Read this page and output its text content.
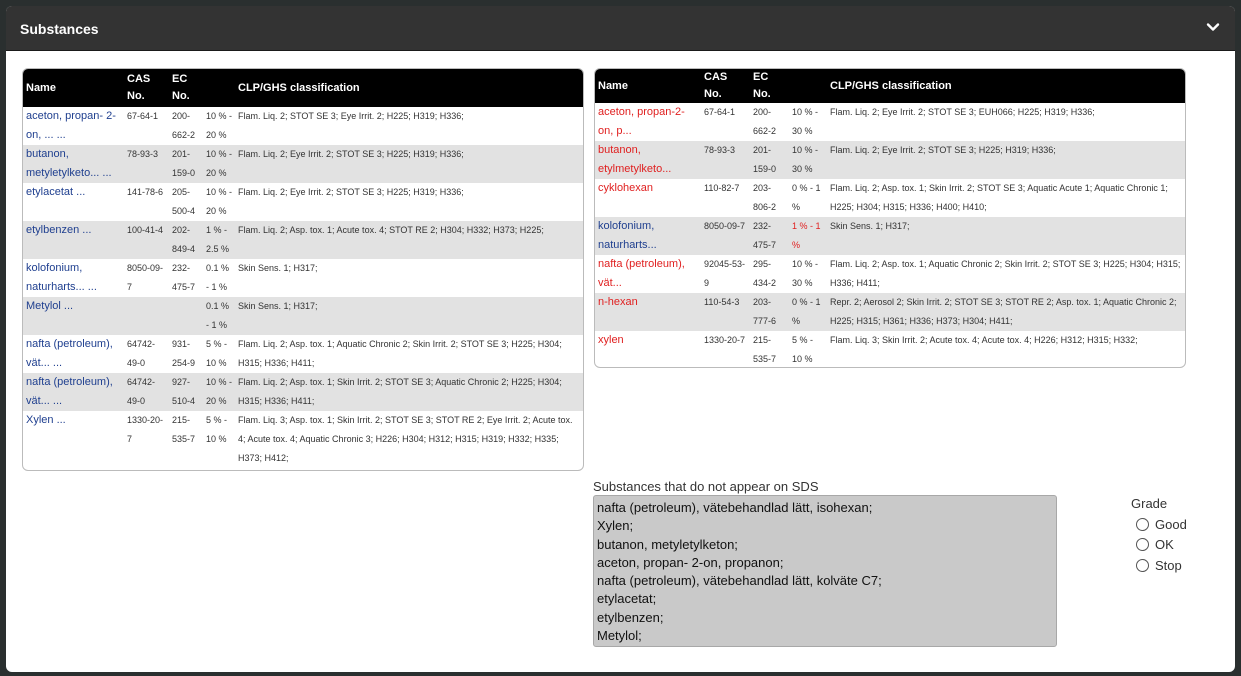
Substances
Name	CAS No.	EC No.		CLP/GHS classification
aceton, propan- 2-on, ... ...	67-64-1	200-662-2	10 % - 20 %	Flam. Liq. 2; STOT SE 3; Eye Irrit. 2; H225; H319; H336;
butanon, metyletylketo... ...	78-93-3	201-159-0	10 % - 20 %	Flam. Liq. 2; Eye Irrit. 2; STOT SE 3; H225; H319; H336;
etylacetat ...	141-78-6	205-500-4	10 % - 20 %	Flam. Liq. 2; Eye Irrit. 2; STOT SE 3; H225; H319; H336;
etylbenzen ...	100-41-4	202-849-4	1 % - 2.5 %	Flam. Liq. 2; Asp. tox. 1; Acute tox. 4; STOT RE 2; H304; H332; H373; H225;
kolofonium, naturharts... ...	8050-09-7	232-475-7	0.1 % - 1 %	Skin Sens. 1; H317;
Metylol ...			0.1 % - 1 %	Skin Sens. 1; H317;
nafta (petroleum), vät... ...	64742-49-0	931-254-9	5 % - 10 %	Flam. Liq. 2; Asp. tox. 1; Aquatic Chronic 2; Skin Irrit. 2; STOT SE 3; H225; H304; H315; H336; H411;
nafta (petroleum), vät... ...	64742-49-0	927-510-4	10 % - 20 %	Flam. Liq. 2; Asp. tox. 1; Skin Irrit. 2; STOT SE 3; Aquatic Chronic 2; H225; H304; H315; H336; H411;
Xylen ...	1330-20-7	215-535-7	5 % - 10 %	Flam. Liq. 3; Asp. tox. 1; Skin Irrit. 2; STOT SE 3; STOT RE 2; Eye Irrit. 2; Acute tox. 4; Acute tox. 4; Aquatic Chronic 3; H226; H304; H312; H315; H319; H332; H335; H373; H412;
Name	CAS No.	EC No.		CLP/GHS classification
aceton, propan-2-on, p...	67-64-1	200-662-2	10 % - 30 %	Flam. Liq. 2; Eye Irrit. 2; STOT SE 3; EUH066; H225; H319; H336;
butanon, etylmetylketo...	78-93-3	201-159-0	10 % - 30 %	Flam. Liq. 2; Eye Irrit. 2; STOT SE 3; H225; H319; H336;
cyklohexan	110-82-7	203-806-2	0 % - 1 %	Flam. Liq. 2; Asp. tox. 1; Skin Irrit. 2; STOT SE 3; Aquatic Acute 1; Aquatic Chronic 1; H225; H304; H315; H336; H400; H410;
kolofonium, naturharts...	8050-09-7	232-475-7	1 % - 1 %	Skin Sens. 1; H317;
nafta (petroleum), vät...	92045-53-9	295-434-2	10 % - 30 %	Flam. Liq. 2; Asp. tox. 1; Aquatic Chronic 2; Skin Irrit. 2; STOT SE 3; H225; H304; H315; H336; H411;
n-hexan	110-54-3	203-777-6	0 % - 1 %	Repr. 2; Aerosol 2; Skin Irrit. 2; STOT SE 3; STOT RE 2; Asp. tox. 1; Aquatic Chronic 2; H225; H315; H361; H336; H373; H304; H411;
xylen	1330-20-7	215-535-7	5 % - 10 %	Flam. Liq. 3; Skin Irrit. 2; Acute tox. 4; Acute tox. 4; H226; H312; H315; H332;
Substances that do not appear on SDS
nafta (petroleum), vätebehandlad lätt, isohexan;
Xylen;
butanon, metyletylketon;
aceton, propan- 2-on, propanon;
nafta (petroleum), vätebehandlad lätt, kolväte C7;
etylacetat;
etylbenzen;
Metylol;
Grade
Good
OK
Stop
